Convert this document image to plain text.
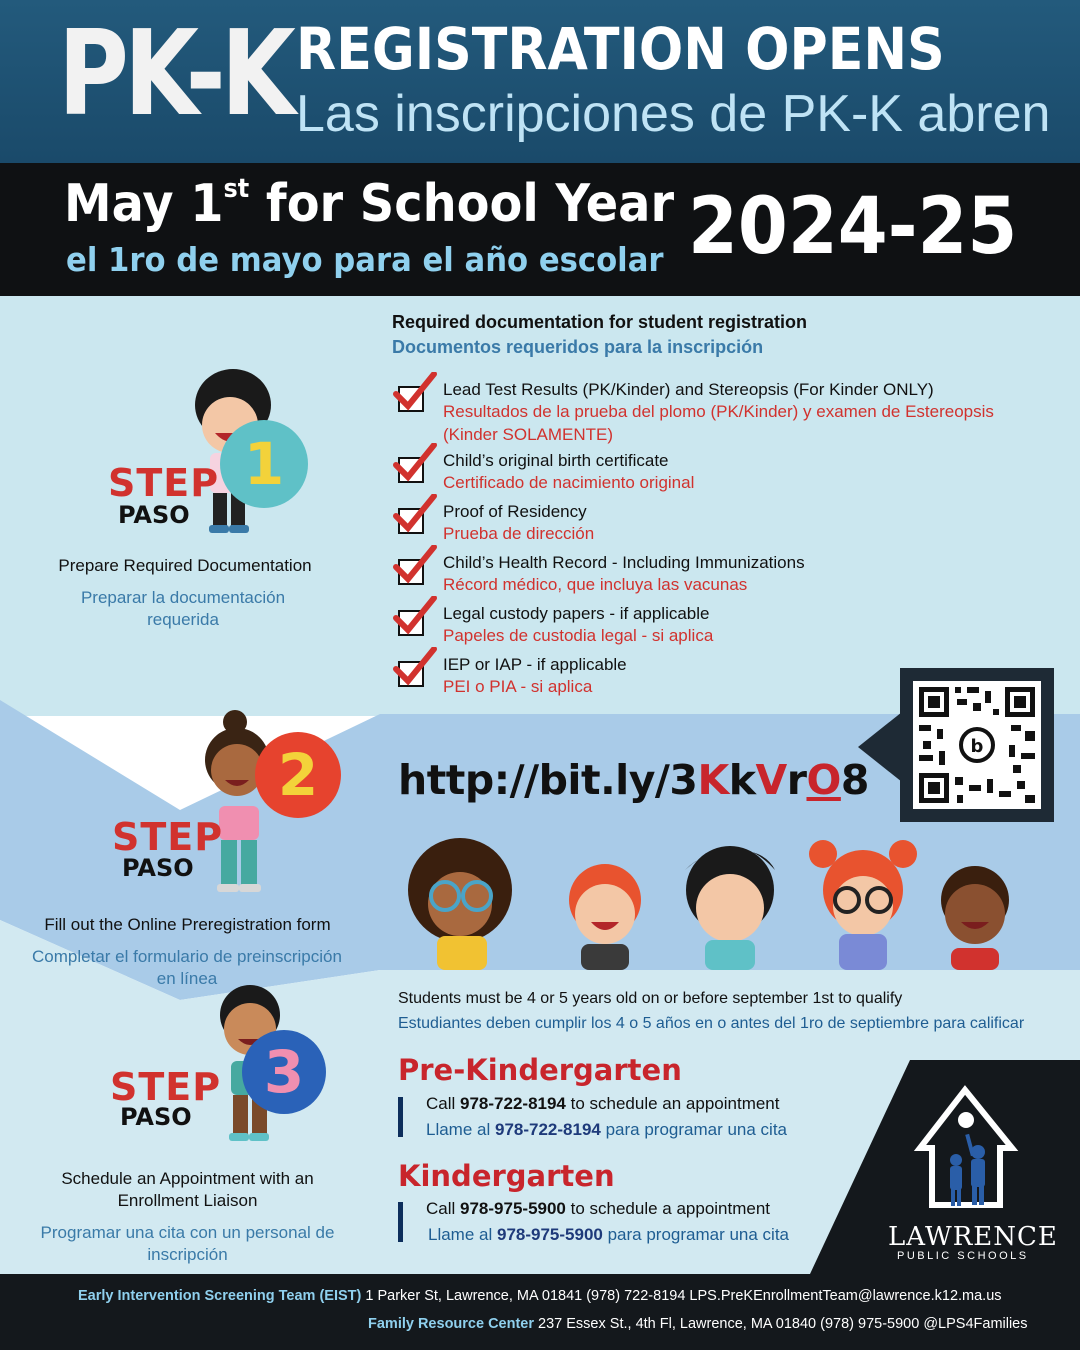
PK-K REGISTRATION OPENS
Las inscripciones de PK-K abren
May 1st for School Year
el 1ro de mayo para el año escolar 2024-25
1
STEP
PASO
Prepare Required Documentation
Preparar la documentación requerida
Required documentation for student registration
Documentos requeridos para la inscripción
Lead Test Results (PK/Kinder) and Stereopsis (For Kinder ONLY)
Resultados de la prueba del plomo (PK/Kinder) y examen de Estereopsis (Kinder SOLAMENTE)
Child’s original birth certificate
Certificado de nacimiento original
Proof of Residency
Prueba de dirección
Child’s Health Record - Including Immunizations
Récord médico, que incluya las vacunas
Legal custody papers - if applicable
Papeles de custodia legal - si aplica
IEP or IAP - if applicable
PEI o PIA - si aplica
2
STEP
PASO
Fill out the Online Preregistration form
Completar el formulario de preinscripción en línea
http://bit.ly/3KkVrO8
b
3
STEP
PASO
Schedule an Appointment with an Enrollment Liaison
Programar una cita con un personal de inscripción
Students must be 4 or 5 years old on or before september 1st to qualify
Estudiantes deben cumplir los 4 o 5 años en o antes del 1ro de septiembre para calificar
Pre-Kindergarten
Call 978-722-8194 to schedule an appointment
Llame al 978-722-8194 para programar una cita
Kindergarten
Call 978-975-5900 to schedule a appointment
Llame al 978-975-5900 para programar una cita	LAWRENCE
PUBLIC SCHOOLS
Early Intervention Screening Team (EIST) 1 Parker St, Lawrence, MA 01841 (978) 722-8194 LPS.PreKEnrollmentTeam@lawrence.k12.ma.us
Family Resource Center 237 Essex St., 4th Fl, Lawrence, MA 01840 (978) 975-5900 @LPS4Families
